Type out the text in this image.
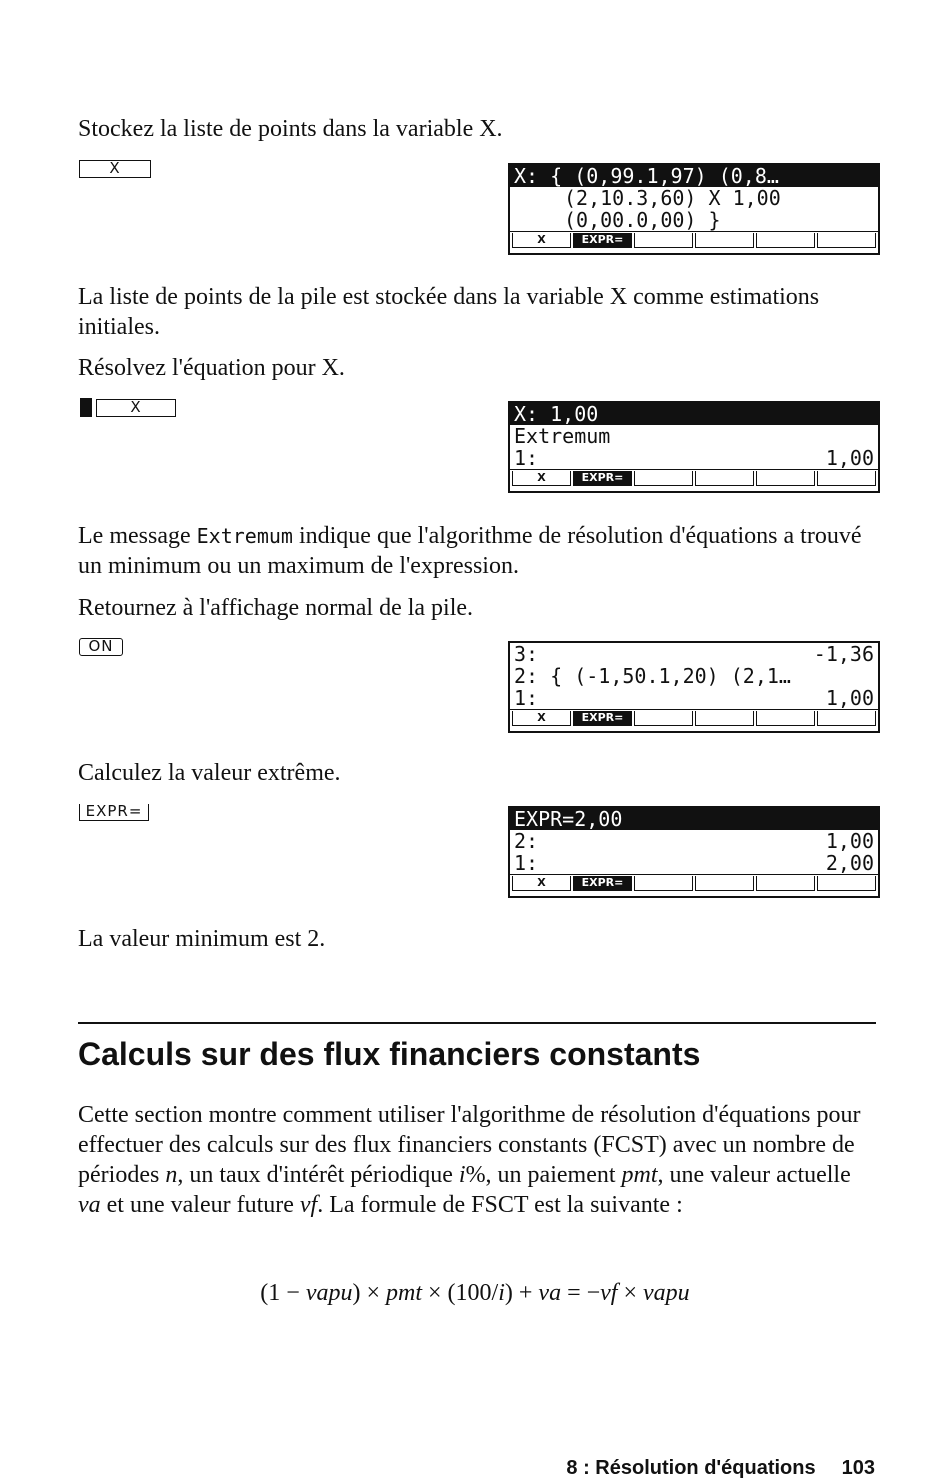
Stockez la liste de points dans la variable X.

X	X: { (0,99.1,97) (0,8…
(2,10.3,60) X 1,00
(0,00.0,00) }
X	EXPR=

La liste de points de la pile est stockée dans la variable X comme estimations initiales.

Résolvez l'équation pour X.

X	X: 1,00
Extremum
1:	1,00
X	EXPR=

Le message Extremum indique que l'algorithme de résolution d'équations a trouvé un minimum ou un maximum de l'expression.

Retournez à l'affichage normal de la pile.

ON	3:	-1,36
2: { (-1,50.1,20) (2,1…
1:	1,00
X	EXPR=

Calculez la valeur extrême.

EXPR=	EXPR=2,00
2:	1,00
1:	2,00
X	EXPR=

La valeur minimum est 2.

Calculs sur des flux financiers constants

Cette section montre comment utiliser l'algorithme de résolution d'équations pour effectuer des calculs sur des flux financiers constants (FCST) avec un nombre de périodes n, un taux d'intérêt périodique i%, un paiement pmt, une valeur actuelle va et une valeur future vf. La formule de FSCT est la suivante :

(1 − vapu) × pmt × (100/i) + va = −vf × vapu
8 : Résolution d'équations 103
